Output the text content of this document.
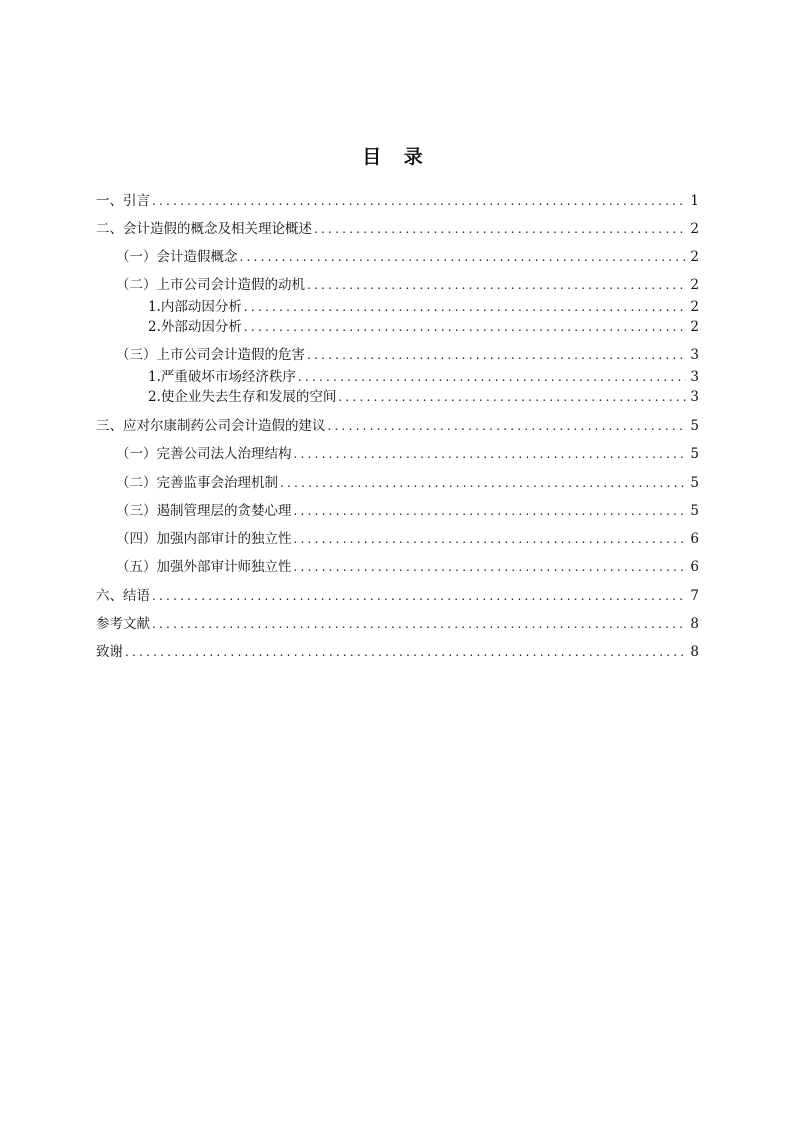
目 录
一、引言 . . .	1
二、会计造假的概念及相关理论概述 . . .	2
（一）会计造假概念 . . .	2
（二）上市公司会计造假的动机 . . .	2
1.内部动因分析 . . .	2
2.外部动因分析 . . .	2
（三）上市公司会计造假的危害 . . .	3
1.严重破坏市场经济秩序 . . .	3
2.使企业失去生存和发展的空间 . . .	3
三、应对尔康制药公司会计造假的建议 . . .	5
（一）完善公司法人治理结构 . . .	5
（二）完善监事会治理机制 . . .	5
（三）遏制管理层的贪婪心理 . . .	5
（四）加强内部审计的独立性 . . .	6
（五）加强外部审计师独立性 . . .	6
六、结语 . . .	7
参考文献 . . .	8
致谢 . . .	8
